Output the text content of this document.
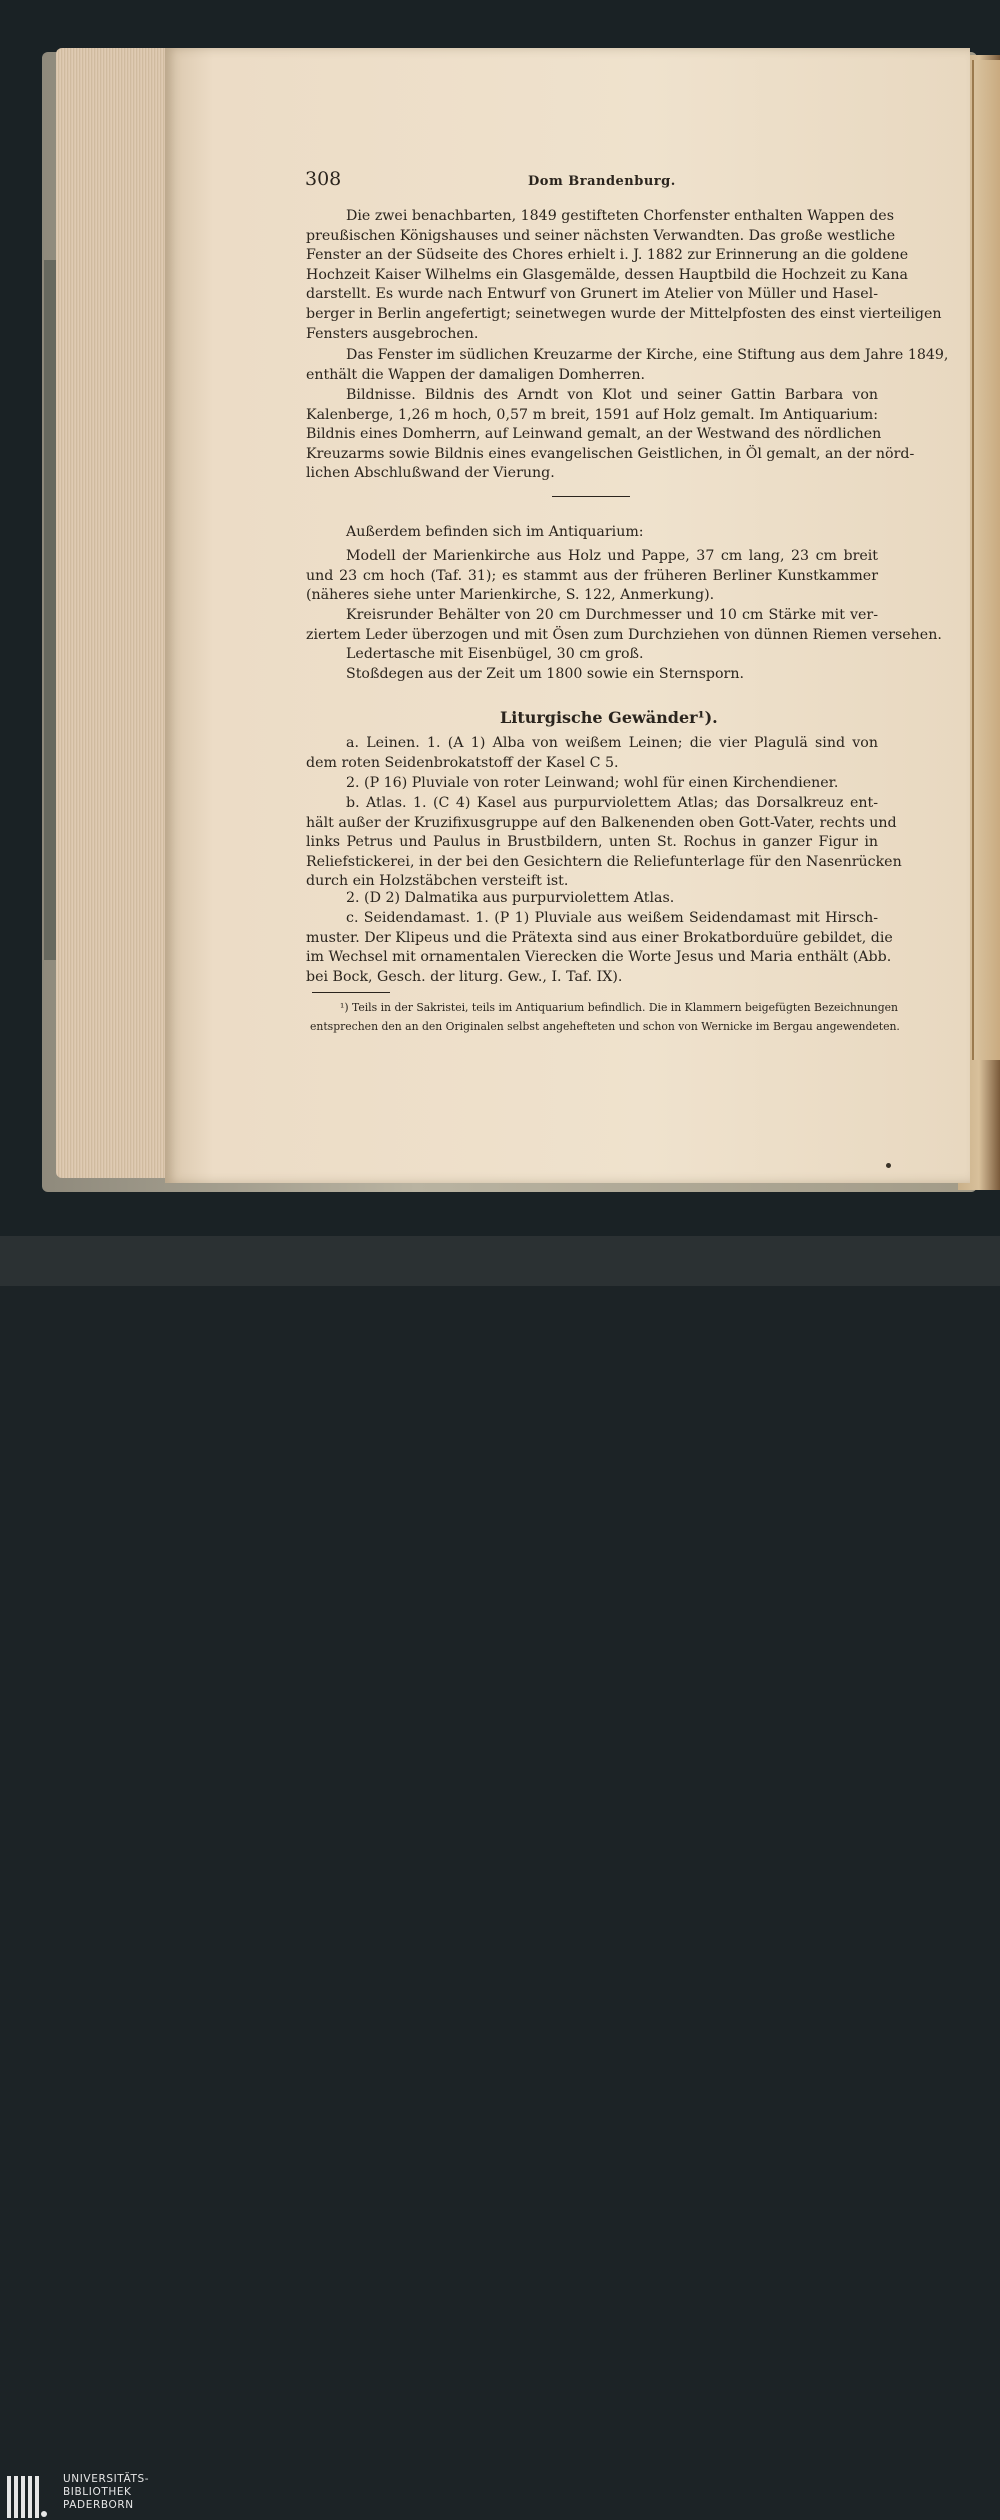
308	Dom Brandenburg.
Die zwei benachbarten, 1849 gestifteten Chorfenster enthalten Wappen des
preußischen Königshauses und seiner nächsten Verwandten. Das große westliche
Fenster an der Südseite des Chores erhielt i. J. 1882 zur Erinnerung an die goldene
Hochzeit Kaiser Wilhelms ein Glasgemälde, dessen Hauptbild die Hochzeit zu Kana
darstellt. Es wurde nach Entwurf von Grunert im Atelier von Müller und Hasel-
berger in Berlin angefertigt; seinetwegen wurde der Mittelpfosten des einst vierteiligen
Fensters ausgebrochen.
Das Fenster im südlichen Kreuzarme der Kirche, eine Stiftung aus dem Jahre 1849,
enthält die Wappen der damaligen Domherren.
Bildnisse. Bildnis des Arndt von Klot und seiner Gattin Barbara von
Kalenberge, 1,26 m hoch, 0,57 m breit, 1591 auf Holz gemalt. Im Antiquarium:
Bildnis eines Domherrn, auf Leinwand gemalt, an der Westwand des nördlichen
Kreuzarms sowie Bildnis eines evangelischen Geistlichen, in Öl gemalt, an der nörd-
lichen Abschlußwand der Vierung.
Außerdem befinden sich im Antiquarium:
Modell der Marienkirche aus Holz und Pappe, 37 cm lang, 23 cm breit
und 23 cm hoch (Taf. 31); es stammt aus der früheren Berliner Kunstkammer
(näheres siehe unter Marienkirche, S. 122, Anmerkung).
Kreisrunder Behälter von 20 cm Durchmesser und 10 cm Stärke mit ver-
ziertem Leder überzogen und mit Ösen zum Durchziehen von dünnen Riemen versehen.
Ledertasche mit Eisenbügel, 30 cm groß.
Stoßdegen aus der Zeit um 1800 sowie ein Sternsporn.
Liturgische Gewänder¹).
a. Leinen. 1. (A 1) Alba von weißem Leinen; die vier Plagulä sind von
dem roten Seidenbrokatstoff der Kasel C 5.
2. (P 16) Pluviale von roter Leinwand; wohl für einen Kirchendiener.
b. Atlas. 1. (C 4) Kasel aus purpurviolettem Atlas; das Dorsalkreuz ent-
hält außer der Kruzifixusgruppe auf den Balkenenden oben Gott-Vater, rechts und
links Petrus und Paulus in Brustbildern, unten St. Rochus in ganzer Figur in
Reliefstickerei, in der bei den Gesichtern die Reliefunterlage für den Nasenrücken
durch ein Holzstäbchen versteift ist.
2. (D 2) Dalmatika aus purpurviolettem Atlas.
c. Seidendamast. 1. (P 1) Pluviale aus weißem Seidendamast mit Hirsch-
muster. Der Klipeus und die Prätexta sind aus einer Brokatborduüre gebildet, die
im Wechsel mit ornamentalen Vierecken die Worte Jesus und Maria enthält (Abb.
bei Bock, Gesch. der liturg. Gew., I. Taf. IX).
¹) Teils in der Sakristei, teils im Antiquarium befindlich. Die in Klammern beigefügten Bezeichnungen
entsprechen den an den Originalen selbst angehefteten und schon von Wernicke im Bergau angewendeten.
UNIVERSITÄTS-
BIBLIOTHEK
PADERBORN
